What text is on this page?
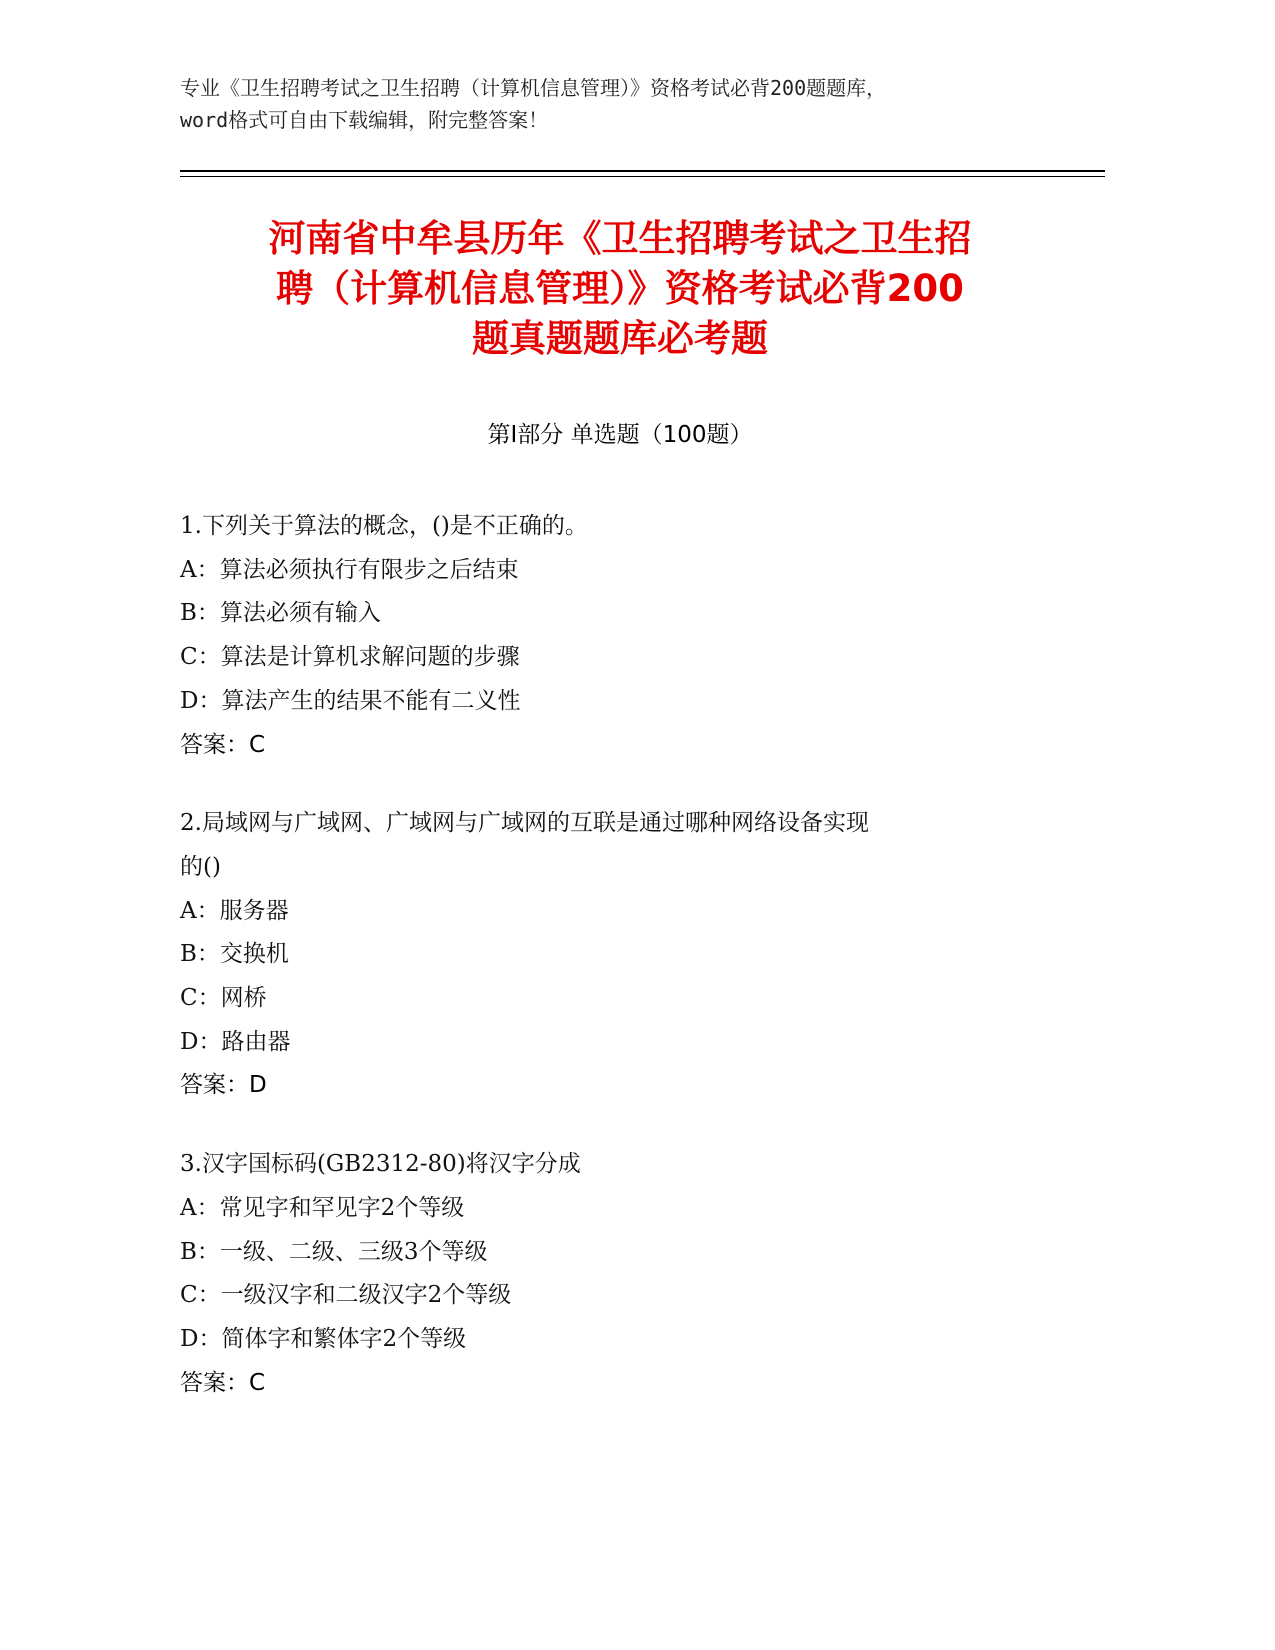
专业《卫生招聘考试之卫生招聘（计算机信息管理）》资格考试必背200题题库，
word格式可自由下载编辑，附完整答案！
河南省中牟县历年《卫生招聘考试之卫生招
聘（计算机信息管理）》资格考试必背200
题真题题库必考题
第Ⅰ部分 单选题（100题）
1.下列关于算法的概念，()是不正确的。
A：算法必须执行有限步之后结束
B：算法必须有输入
C：算法是计算机求解问题的步骤
D：算法产生的结果不能有二义性
答案：C
2.局域网与广域网、广域网与广域网的互联是通过哪种网络设备实现
的()
A：服务器
B：交换机
C：网桥
D：路由器
答案：D
3.汉字国标码(GB2312-80)将汉字分成
A：常见字和罕见字2个等级
B：一级、二级、三级3个等级
C：一级汉字和二级汉字2个等级
D：简体字和繁体字2个等级
答案：C
